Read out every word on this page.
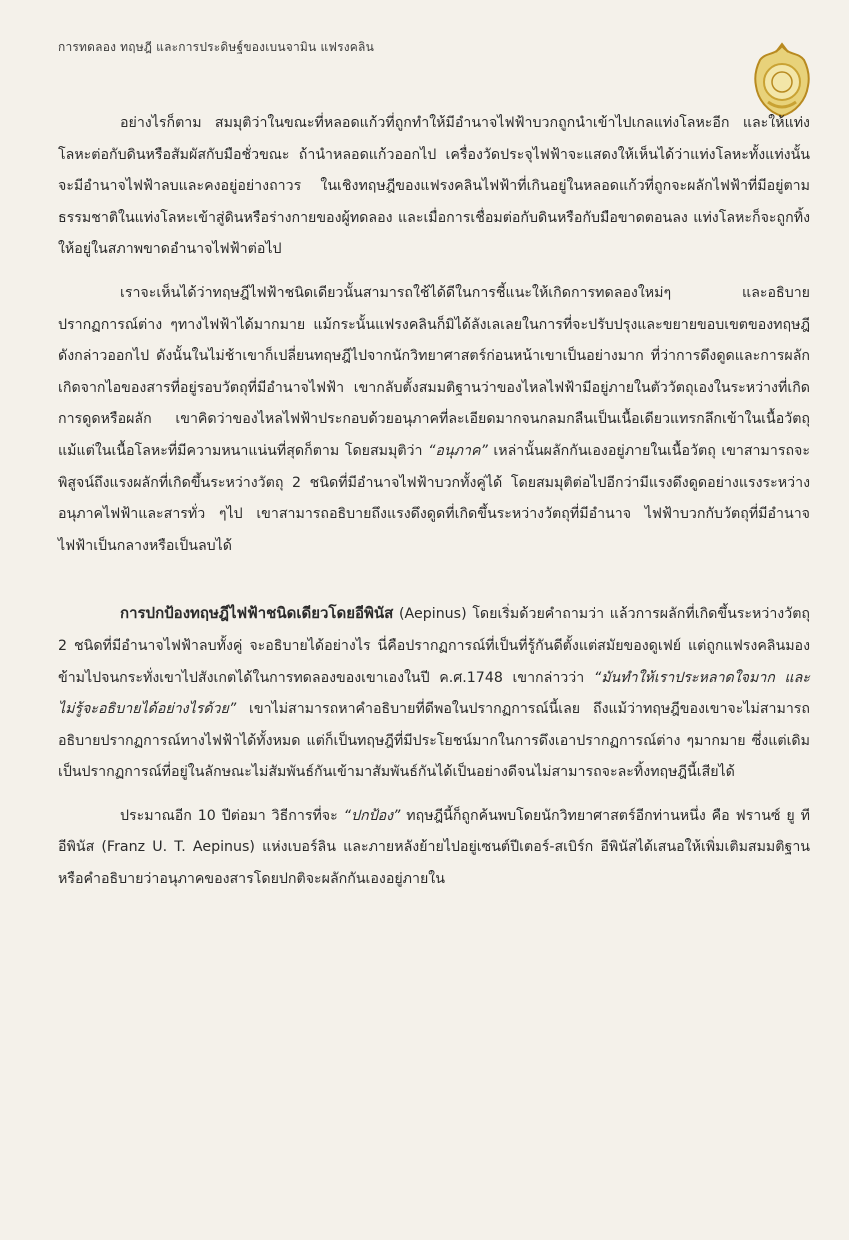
การทดลอง ทฤษฎี และการประดิษฐ์ของเบนจามิน แฟรงคลิน

อย่างไรก็ตาม สมมุติว่าในขณะที่หลอดแก้วที่ถูกทำให้มีอำนาจไฟฟ้าบวกถูกนำเข้าไปเกลแท่งโลหะอีก และให้แท่งโลหะต่อกับดินหรือสัมผัสกับมือชั่วขณะ ถ้านำหลอดแก้วออกไป เครื่องวัดประจุไฟฟ้าจะแสดงให้เห็นได้ว่าแท่งโลหะทั้งแท่งนั้นจะมีอำนาจไฟฟ้าลบและคงอยู่อย่างถาวร ในเชิงทฤษฎีของแฟรงคลินไฟฟ้าที่เกินอยู่ในหลอดแก้วที่ถูกจะผลักไฟฟ้าที่มีอยู่ตามธรรมชาติในแท่งโลหะเข้าสู่ดินหรือร่างกายของผู้ทดลอง และเมื่อการเชื่อมต่อกับดินหรือกับมือขาดตอนลง แท่งโลหะก็จะถูกทิ้งให้อยู่ในสภาพขาดอำนาจไฟฟ้าต่อไป

เราจะเห็นได้ว่าทฤษฎีไฟฟ้าชนิดเดียวนั้นสามารถใช้ได้ดีในการชี้แนะให้เกิดการทดลองใหม่ๆ และอธิบายปรากฏการณ์ต่าง ๆทางไฟฟ้าได้มากมาย แม้กระนั้นแฟรงคลินก็มิได้ลังเลเลยในการที่จะปรับปรุงและขยายขอบเขตของทฤษฎีดังกล่าวออกไป ดังนั้นในไม่ช้าเขาก็เปลี่ยนทฤษฎีไปจากนักวิทยาศาสตร์ก่อนหน้าเขาเป็นอย่างมาก ที่ว่าการดึงดูดและการผลักเกิดจากไอของสารที่อยู่รอบวัตถุที่มีอำนาจไฟฟ้า เขากลับตั้งสมมติฐานว่าของไหลไฟฟ้ามีอยู่ภายในตัววัตถุเองในระหว่างที่เกิดการดูดหรือผลัก เขาคิดว่าของไหลไฟฟ้าประกอบด้วยอนุภาคที่ละเอียดมากจนกลมกลืนเป็นเนื้อเดียวแทรกลึกเข้าในเนื้อวัตถุ แม้แต่ในเนื้อโลหะที่มีความหนาแน่นที่สุดก็ตาม โดยสมมุติว่า “อนุภาค” เหล่านั้นผลักกันเองอยู่ภายในเนื้อวัตถุ เขาสามารถจะพิสูจน์ถึงแรงผลักที่เกิดขึ้นระหว่างวัตถุ 2 ชนิดที่มีอำนาจไฟฟ้าบวกทั้งคู่ได้ โดยสมมุติต่อไปอีกว่ามีแรงดึงดูดอย่างแรงระหว่างอนุภาคไฟฟ้าและสารทั่ว ๆไป เขาสามารถอธิบายถึงแรงดึงดูดที่เกิดขึ้นระหว่างวัตถุที่มีอำนาจ ไฟฟ้าบวกกับวัตถุที่มีอำนาจไฟฟ้าเป็นกลางหรือเป็นลบได้

การปกป้องทฤษฎีไฟฟ้าชนิดเดียวโดยอีพินัส (Aepinus) โดยเริ่มด้วยคำถามว่า แล้วการผลักที่เกิดขึ้นระหว่างวัตถุ 2 ชนิดที่มีอำนาจไฟฟ้าลบทั้งคู่ จะอธิบายได้อย่างไร นี่คือปรากฏการณ์ที่เป็นที่รู้กันดีตั้งแต่สมัยของดูเฟย์ แต่ถูกแฟรงคลินมองข้ามไปจนกระทั่งเขาไปสังเกตได้ในการทดลองของเขาเองในปี ค.ศ.1748 เขากล่าวว่า “มันทำให้เราประหลาดใจมาก และไม่รู้จะอธิบายได้อย่างไรด้วย” เขาไม่สามารถหาคำอธิบายที่ดีพอในปรากฏการณ์นี้เลย ถึงแม้ว่าทฤษฎีของเขาจะไม่สามารถอธิบายปรากฏการณ์ทางไฟฟ้าได้ทั้งหมด แต่ก็เป็นทฤษฎีที่มีประโยชน์มากในการดึงเอาปรากฏการณ์ต่าง ๆมากมาย ซึ่งแต่เดิมเป็นปรากฏการณ์ที่อยู่ในลักษณะไม่สัมพันธ์กันเข้ามาสัมพันธ์กันได้เป็นอย่างดีจนไม่สามารถจะละทิ้งทฤษฎีนี้เสียได้

ประมาณอีก 10 ปีต่อมา วิธีการที่จะ “ปกป้อง” ทฤษฎีนี้ก็ถูกค้นพบโดยนักวิทยาศาสตร์อีกท่านหนึ่ง คือ ฟรานซ์ ยู ที อีพินัส (Franz U. T. Aepinus) แห่งเบอร์ลิน และภายหลังย้ายไปอยู่เซนต์ปีเตอร์-สเบิร์ก อีพินัสได้เสนอให้เพิ่มเติมสมมติฐานหรือคำอธิบายว่าอนุภาคของสารโดยปกติจะผลักกันเองอยู่ภายใน
